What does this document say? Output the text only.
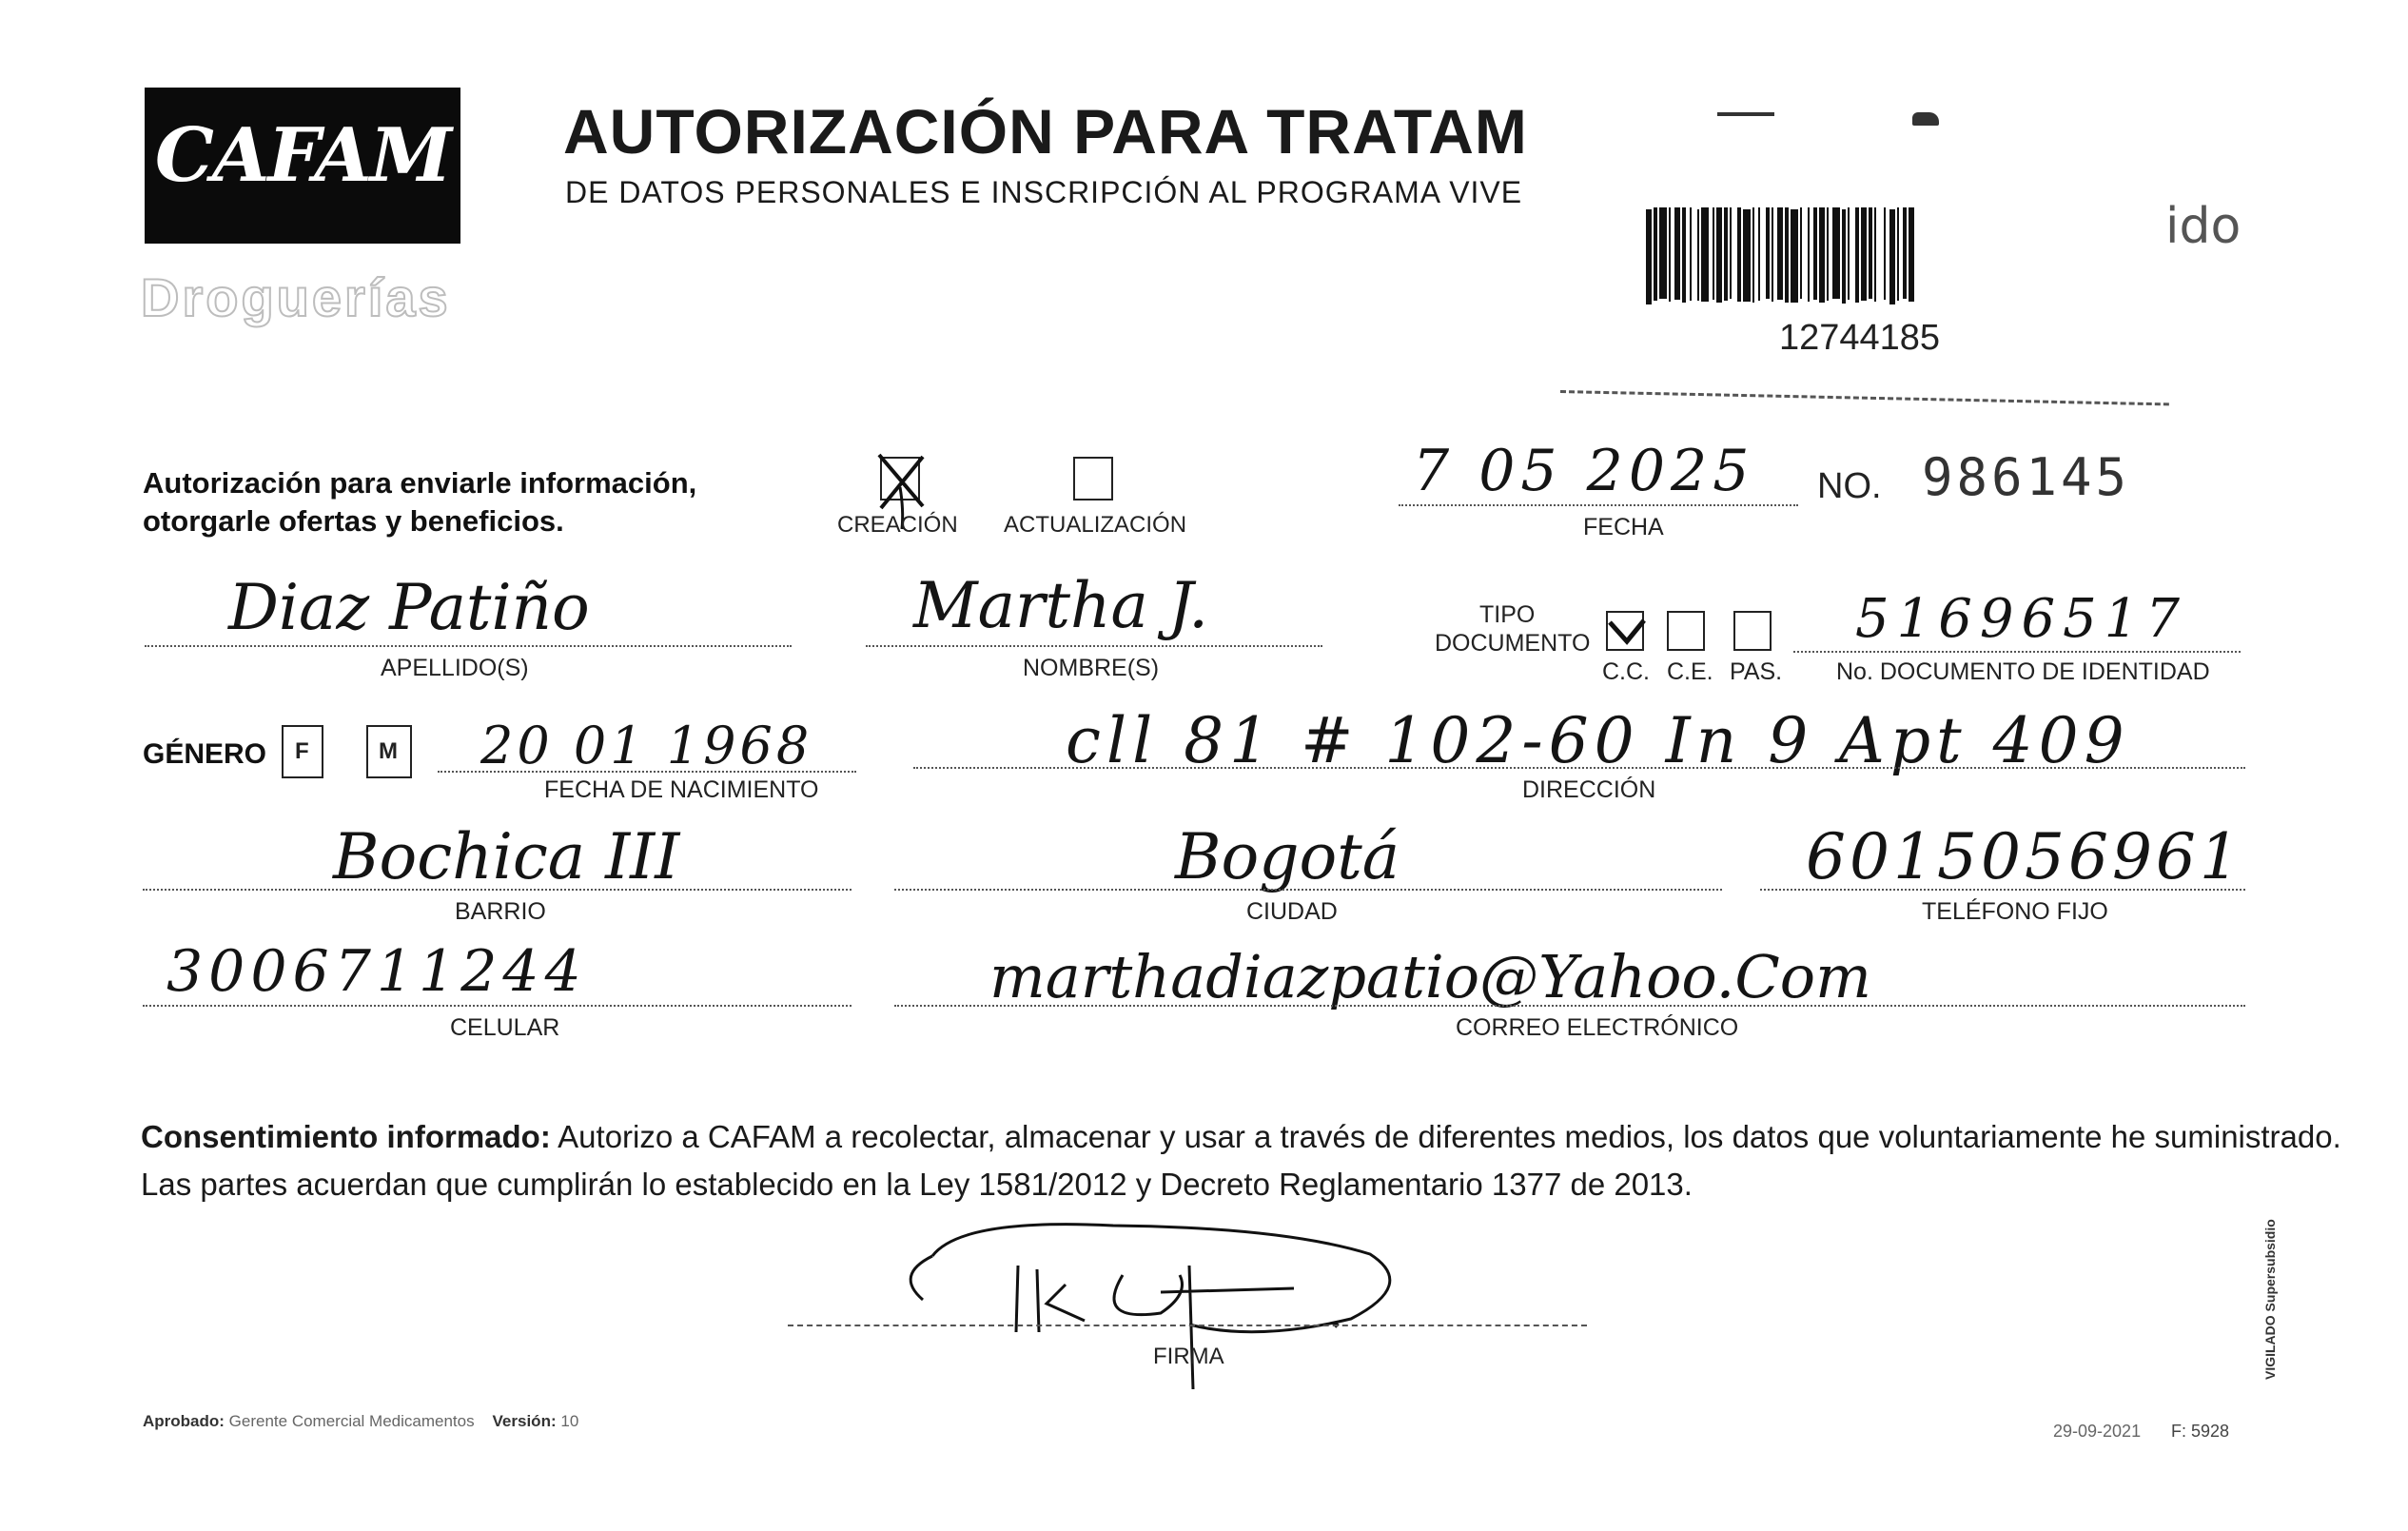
CAFAM
Droguerías
AUTORIZACIÓN PARA TRATAM
DE DATOS PERSONALES E INSCRIPCIÓN AL PROGRAMA VIVE
ido
12744185
Autorización para enviarle información,
otorgarle ofertas y beneficios.	CREACIÓN ACTUALIZACIÓN
7 05 2025
FECHA
NO. 986145
Diaz Patiño
APELLIDO(S)
Martha J.
NOMBRE(S)
TIPO
DOCUMENTO
C.C. C.E. PAS.
51696517
No. DOCUMENTO DE IDENTIDAD
GÉNERO F	M 20 01 1968
FECHA DE NACIMIENTO
cll 81 # 102-60 In 9 Apt 409
DIRECCIÓN
Bochica III
BARRIO
Bogotá
CIUDAD
6015056961
TELÉFONO FIJO
3006711244
CELULAR
marthadiazpatio@Yahoo.Com
CORREO ELECTRÓNICO
Consentimiento informado: Autorizo a CAFAM a recolectar, almacenar y usar a través de diferentes medios, los datos que voluntariamente he suministrado.
Las partes acuerdan que cumplirán lo establecido en la Ley 1581/2012 y Decreto Reglamentario 1377 de 2013.
FIRMA
Aprobado: Gerente Comercial Medicamentos Versión: 10
29-09-2021 F: 5928
VIGILADO Supersubsidio
